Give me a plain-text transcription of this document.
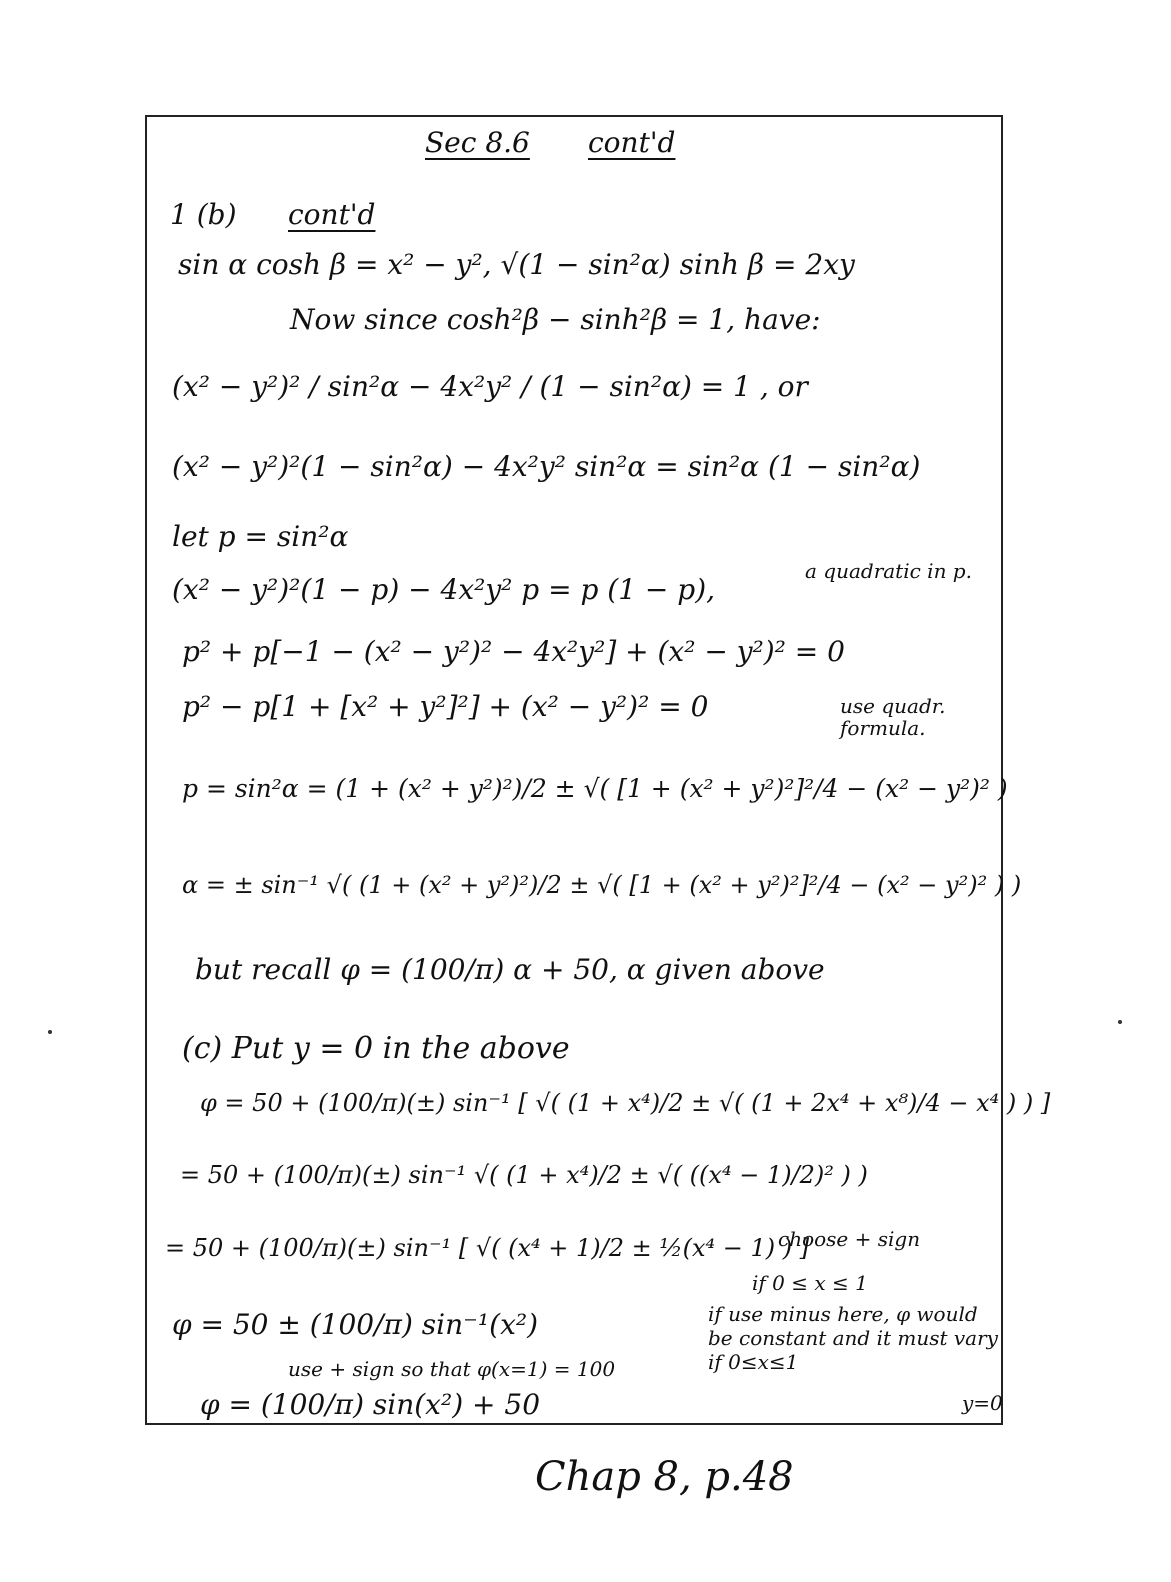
Sec 8.6 cont'd
1 (b) cont'd
sin α cosh β = x² − y², √(1 − sin²α) sinh β = 2xy
Now since cosh²β − sinh²β = 1, have:
(x² − y²)² / sin²α − 4x²y² / (1 − sin²α) = 1 , or
(x² − y²)²(1 − sin²α) − 4x²y² sin²α = sin²α (1 − sin²α)
let p = sin²α
(x² − y²)²(1 − p) − 4x²y² p = p (1 − p),
a quadratic in p.
p² + p[−1 − (x² − y²)² − 4x²y²] + (x² − y²)² = 0
p² − p[1 + [x² + y²]²] + (x² − y²)² = 0	use quadr. formula.
p = sin²α = (1 + (x² + y²)²)/2 ± √( [1 + (x² + y²)²]²/4 − (x² − y²)² )
α = ± sin⁻¹ √( (1 + (x² + y²)²)/2 ± √( [1 + (x² + y²)²]²/4 − (x² − y²)² ) )
but recall φ = (100/π) α + 50, α given above
(c) Put y = 0 in the above
φ = 50 + (100/π)(±) sin⁻¹ [ √( (1 + x⁴)/2 ± √( (1 + 2x⁴ + x⁸)/4 − x⁴ ) ) ]
= 50 + (100/π)(±) sin⁻¹ √( (1 + x⁴)/2 ± √( ((x⁴ − 1)/2)² ) )
= 50 + (100/π)(±) sin⁻¹ [ √( (x⁴ + 1)/2 ± ½(x⁴ − 1) ) ]
choose + sign
if 0 ≤ x ≤ 1
φ = 50 ± (100/π) sin⁻¹(x²)	if use minus here, φ would be constant and it must vary if 0≤x≤1
use + sign so that φ(x=1) = 100
φ = (100/π) sin(x²) + 50	y=0
Chap 8, p.48
